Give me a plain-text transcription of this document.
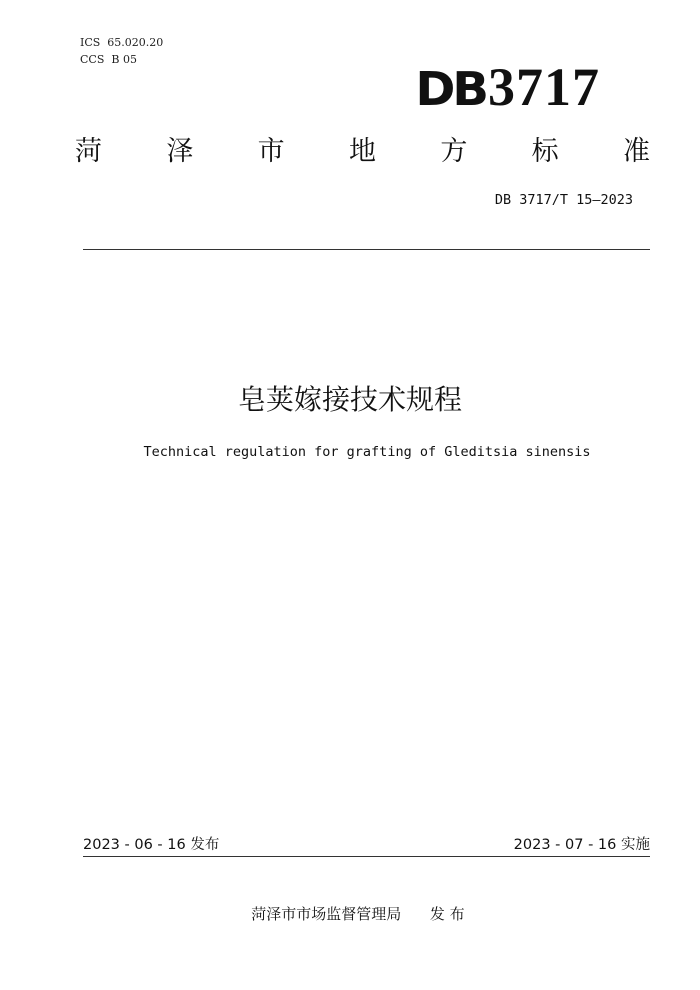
ICS  65.020.20
CCS  B 05
DB 3717
菏 泽 市 地 方 标 准
DB 3717/T 15—2023
皂荚嫁接技术规程
Technical regulation for grafting of Gleditsia sinensis
2023 - 06 - 16 发布	2023 - 07 - 16 实施
菏泽市市场监督管理局      发 布
